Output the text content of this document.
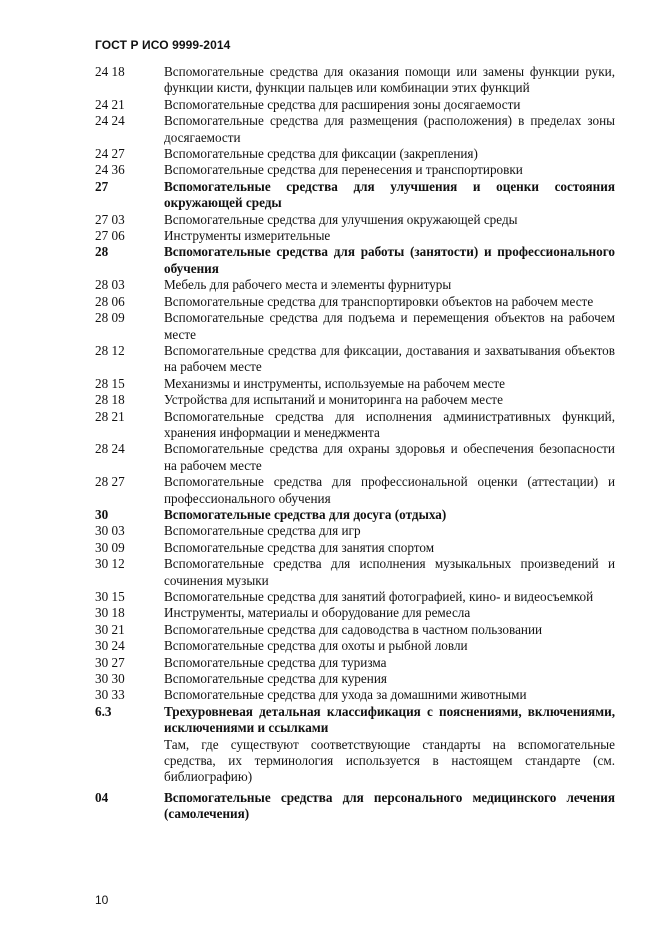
ГОСТ Р ИСО 9999-2014
24 18	Вспомогательные средства для оказания помощи или замены функции руки, функции кисти, функции пальцев или комбинации этих функций
24 21	Вспомогательные средства для расширения зоны досягаемости
24 24	Вспомогательные средства для размещения (расположения) в пределах зоны досягаемости
24 27	Вспомогательные средства для фиксации (закрепления)
24 36	Вспомогательные средства для перенесения и транспортировки
27	Вспомогательные средства для улучшения и оценки состояния окружающей среды
27 03	Вспомогательные средства для улучшения окружающей среды
27 06	Инструменты измерительные
28	Вспомогательные средства для работы (занятости) и профессионального обучения
28 03	Мебель для рабочего места и элементы фурнитуры
28 06	Вспомогательные средства для транспортировки объектов на рабочем месте
28 09	Вспомогательные средства для подъема и перемещения объектов на рабочем месте
28 12	Вспомогательные средства для фиксации, доставания и захватывания объектов на рабочем месте
28 15	Механизмы и инструменты, используемые на рабочем месте
28 18	Устройства для испытаний и мониторинга на рабочем месте
28 21	Вспомогательные средства для исполнения административных функций, хранения информации и менеджмента
28 24	Вспомогательные средства для охраны здоровья и обеспечения безопасности на рабочем месте
28 27	Вспомогательные средства для профессиональной оценки (аттестации) и профессионального обучения
30	Вспомогательные средства для досуга (отдыха)
30 03	Вспомогательные средства для игр
30 09	Вспомогательные средства для занятия спортом
30 12	Вспомогательные средства для исполнения музыкальных произведений и сочинения музыки
30 15	Вспомогательные средства для занятий фотографией, кино- и видеосъемкой
30 18	Инструменты, материалы и оборудование для ремесла
30 21	Вспомогательные средства для садоводства в частном пользовании
30 24	Вспомогательные средства для охоты и рыбной ловли
30 27	Вспомогательные средства для туризма
30 30	Вспомогательные средства для курения
30 33	Вспомогательные средства для ухода за домашними животными
6.3	Трехуровневая детальная классификация с пояснениями, включениями, исключениями и ссылками
Там, где существуют соответствующие стандарты на вспомогательные средства, их терминология используется в настоящем стандарте (см. библиографию)
04	Вспомогательные средства для персонального медицинского лечения (самолечения)
10
